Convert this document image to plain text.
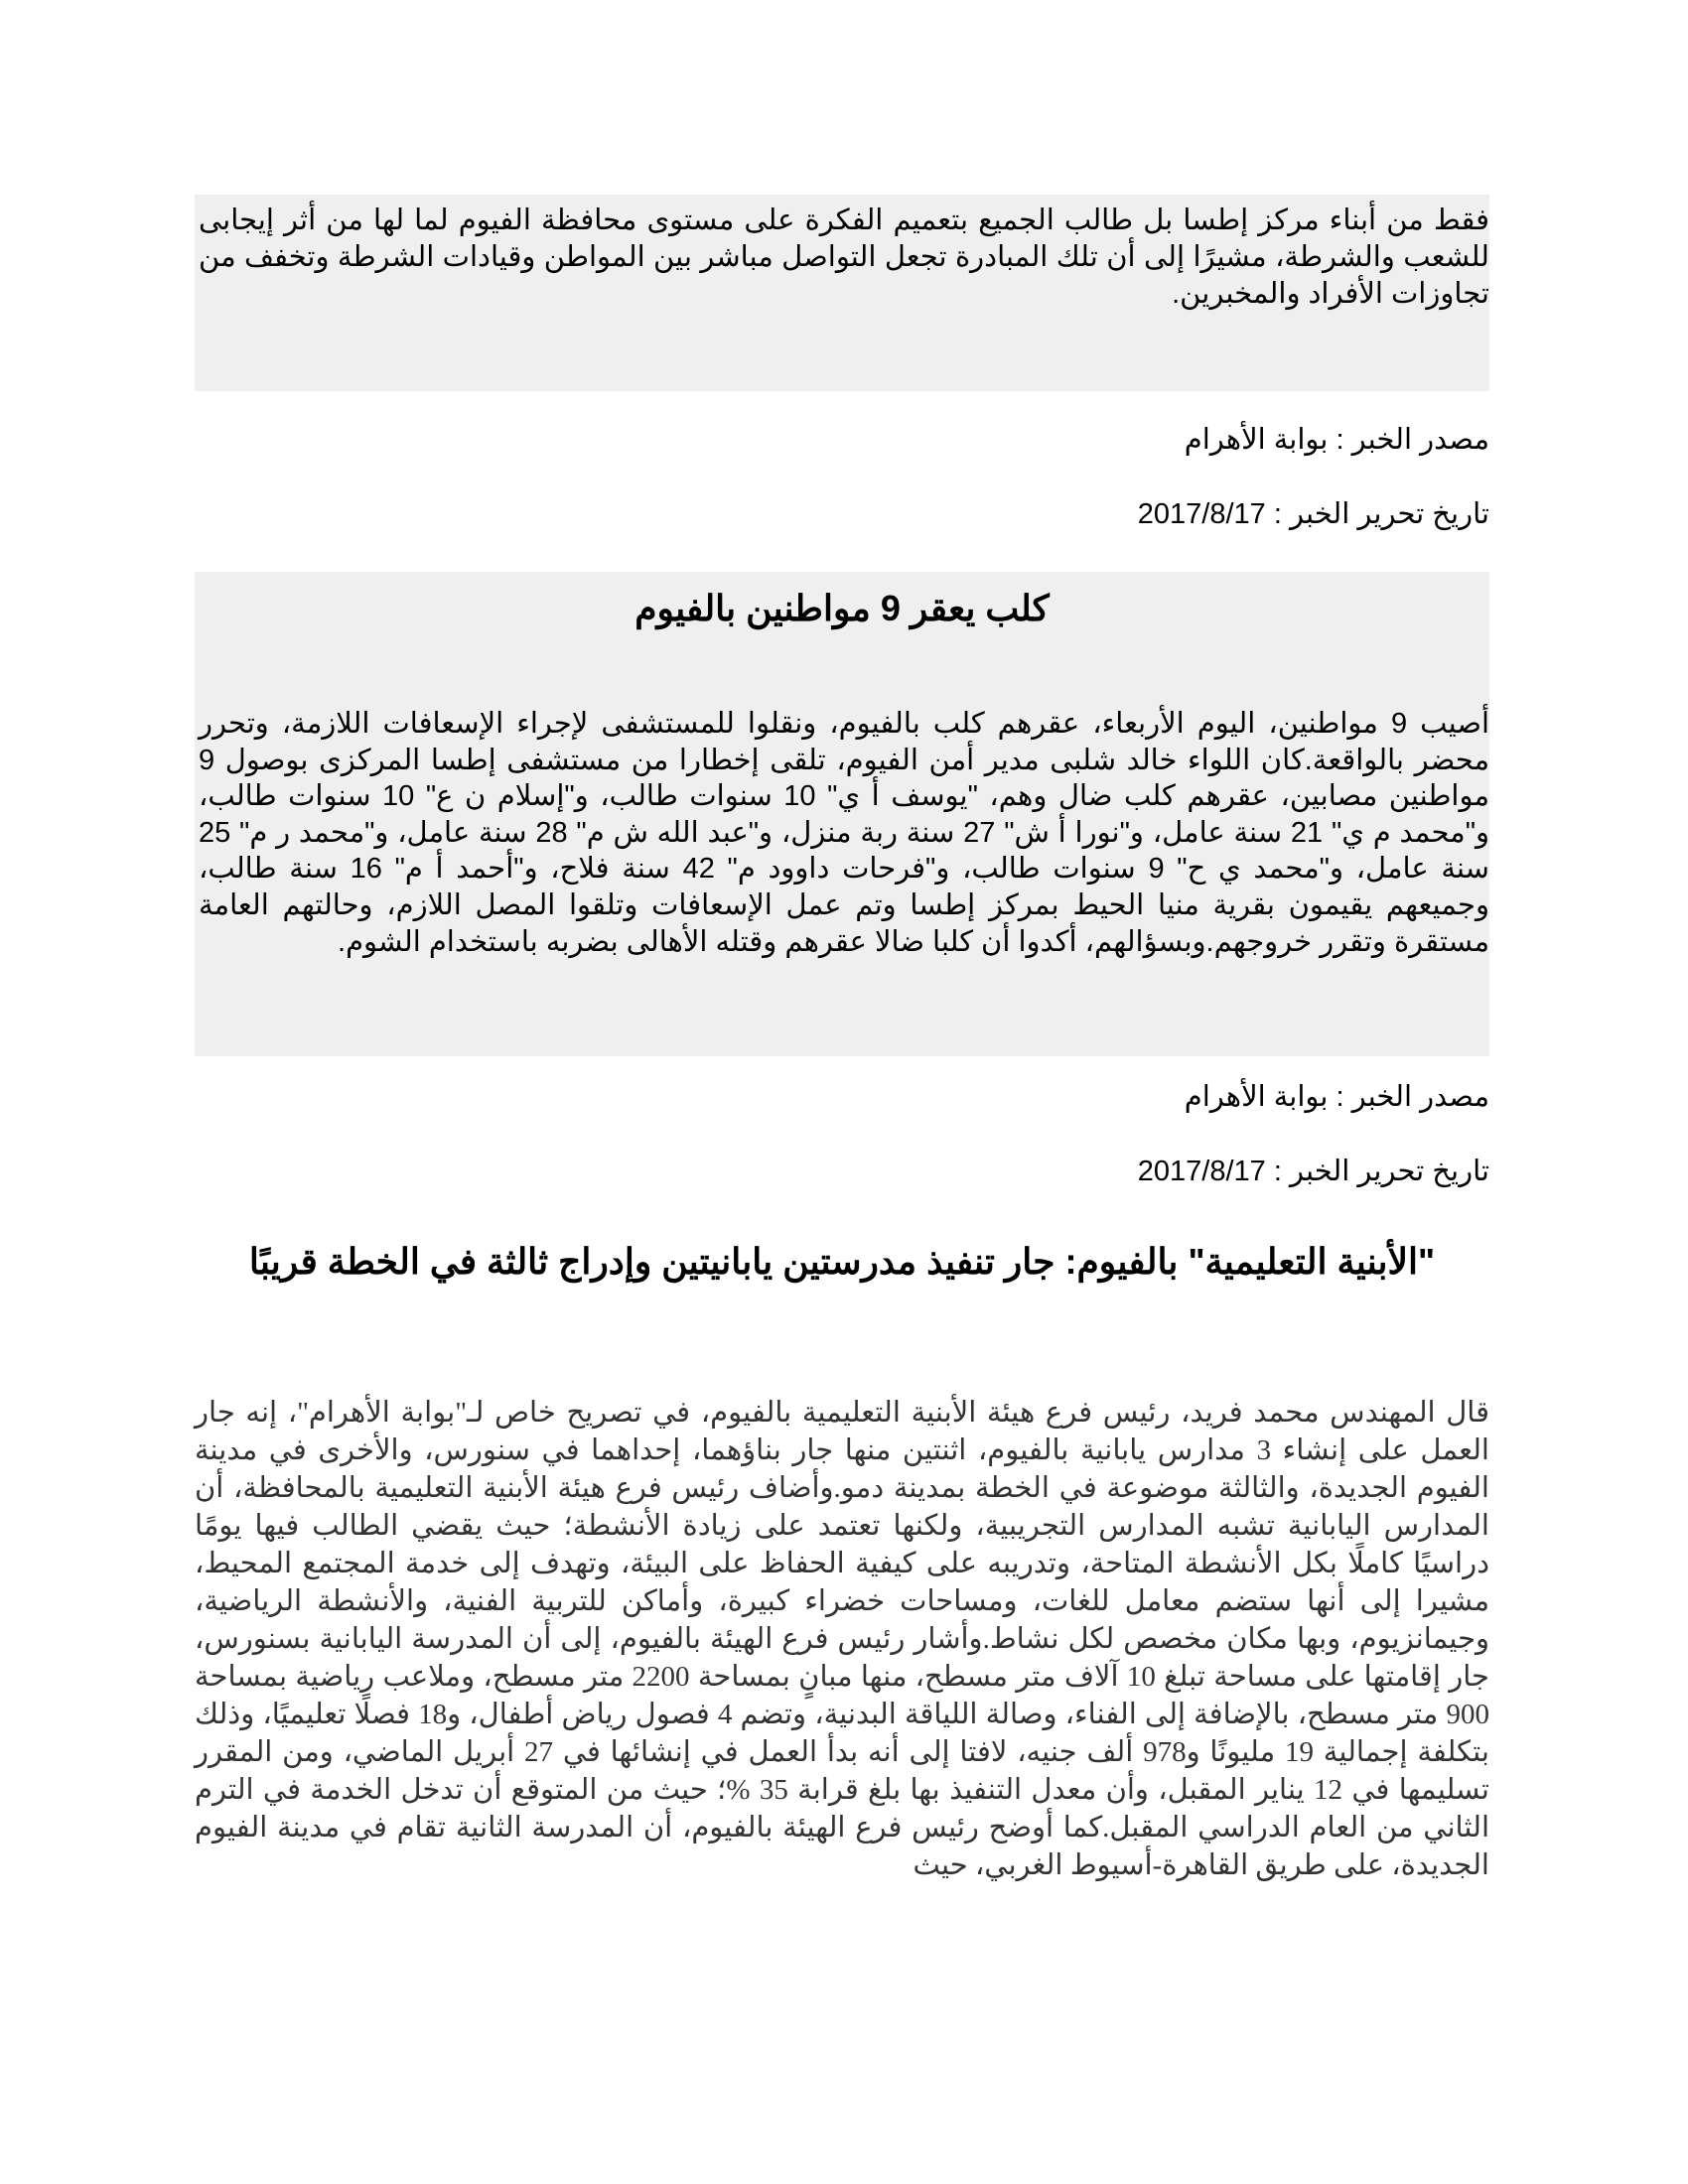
فقط من أبناء مركز إطسا بل طالب الجميع بتعميم الفكرة على مستوى محافظة الفيوم لما لها من أثر إيجابى للشعب والشرطة، مشيرًا إلى أن تلك المبادرة تجعل التواصل مباشر بين المواطن وقيادات الشرطة وتخفف من تجاوزات الأفراد والمخبرين.

مصدر الخبر : بوابة الأهرام

تاريخ تحرير الخبر : 2017/8/17

كلب يعقر 9 مواطنين بالفيوم

أصيب 9 مواطنين، اليوم الأربعاء، عقرهم كلب بالفيوم، ونقلوا للمستشفى لإجراء الإسعافات اللازمة، وتحرر محضر بالواقعة.كان اللواء خالد شلبى مدير أمن الفيوم، تلقى إخطارا من مستشفى إطسا المركزى بوصول 9 مواطنين مصابين، عقرهم كلب ضال وهم، "يوسف أ ي" 10 سنوات طالب، و"إسلام ن ع" 10 سنوات طالب، و"محمد م ي" 21 سنة عامل، و"نورا أ ش" 27 سنة ربة منزل، و"عبد الله ش م" 28 سنة عامل، و"محمد ر م" 25 سنة عامل، و"محمد ي ح" 9 سنوات طالب، و"فرحات داوود م" 42 سنة فلاح، و"أحمد أ م" 16 سنة طالب، وجميعهم يقيمون بقرية منيا الحيط بمركز إطسا وتم عمل الإسعافات وتلقوا المصل اللازم، وحالتهم العامة مستقرة وتقرر خروجهم.وبسؤالهم، أكدوا أن كلبا ضالا عقرهم وقتله الأهالى بضربه باستخدام الشوم.

مصدر الخبر : بوابة الأهرام

تاريخ تحرير الخبر : 2017/8/17

"الأبنية التعليمية" بالفيوم: جار تنفيذ مدرستين يابانيتين وإدراج ثالثة في الخطة قريبًا

قال المهندس محمد فريد، رئيس فرع هيئة الأبنية التعليمية بالفيوم، في تصريح خاص لـ"بوابة الأهرام"، إنه جار العمل على إنشاء 3 مدارس يابانية بالفيوم، اثنتين منها جار بناؤهما، إحداهما في سنورس، والأخرى في مدينة الفيوم الجديدة، والثالثة موضوعة في الخطة بمدينة دمو.وأضاف رئيس فرع هيئة الأبنية التعليمية بالمحافظة، أن المدارس اليابانية تشبه المدارس التجريبية، ولكنها تعتمد على زيادة الأنشطة؛ حيث يقضي الطالب فيها يومًا دراسيًا كاملًا بكل الأنشطة المتاحة، وتدريبه على كيفية الحفاظ على البيئة، وتهدف إلى خدمة المجتمع المحيط، مشيرا إلى أنها ستضم معامل للغات، ومساحات خضراء كبيرة، وأماكن للتربية الفنية، والأنشطة الرياضية، وجيمانزيوم، وبها مكان مخصص لكل نشاط.وأشار رئيس فرع الهيئة بالفيوم، إلى أن المدرسة اليابانية بسنورس، جار إقامتها على مساحة تبلغ 10 آلاف متر مسطح، منها مبانٍ بمساحة 2200 متر مسطح، وملاعب رياضية بمساحة 900 متر مسطح، بالإضافة إلى الفناء، وصالة اللياقة البدنية، وتضم 4 فصول رياض أطفال، و18 فصلًا تعليميًا، وذلك بتكلفة إجمالية 19 مليونًا و978 ألف جنيه، لافتا إلى أنه بدأ العمل في إنشائها في 27 أبريل الماضي، ومن المقرر تسليمها في 12 يناير المقبل، وأن معدل التنفيذ بها بلغ قرابة 35 %؛ حيث من المتوقع أن تدخل الخدمة في الترم الثاني من العام الدراسي المقبل.كما أوضح رئيس فرع الهيئة بالفيوم، أن المدرسة الثانية تقام في مدينة الفيوم الجديدة، على طريق القاهرة-أسيوط الغربي، حيث
